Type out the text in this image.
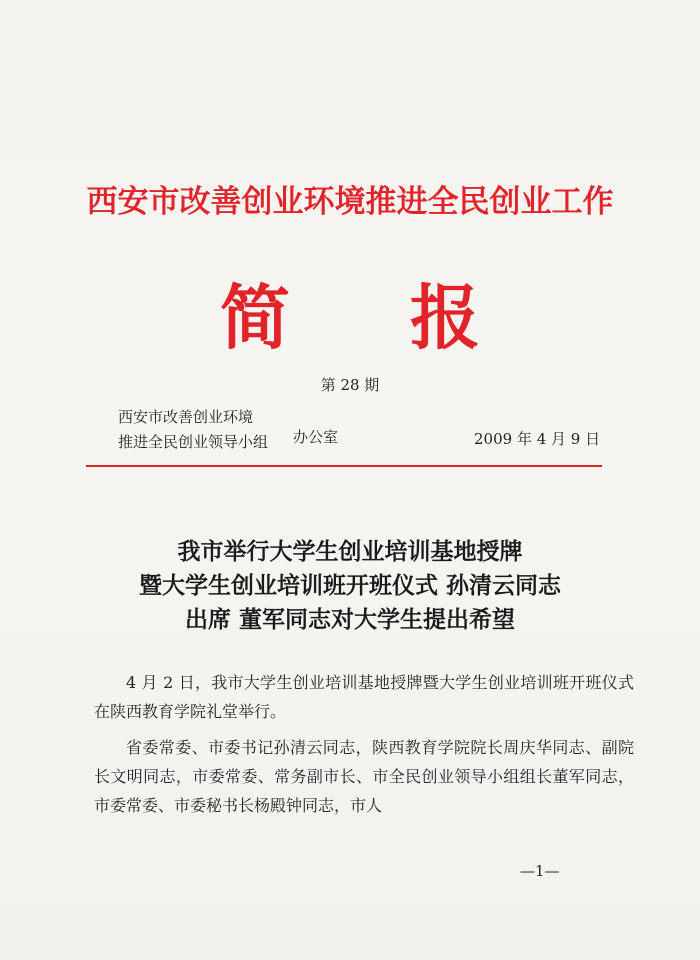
西安市改善创业环境推进全民创业工作
简 报
第 28 期
西安市改善创业环境
推进全民创业领导小组 办公室	2009 年 4 月 9 日
我市举行大学生创业培训基地授牌
暨大学生创业培训班开班仪式 孙清云同志
出席 董军同志对大学生提出希望

4 月 2 日，我市大学生创业培训基地授牌暨大学生创业培训班开班仪式在陕西教育学院礼堂举行。

省委常委、市委书记孙清云同志，陕西教育学院院长周庆华同志、副院长文明同志，市委常委、常务副市长、市全民创业领导小组组长董军同志，市委常委、市委秘书长杨殿钟同志，市人

—1—
